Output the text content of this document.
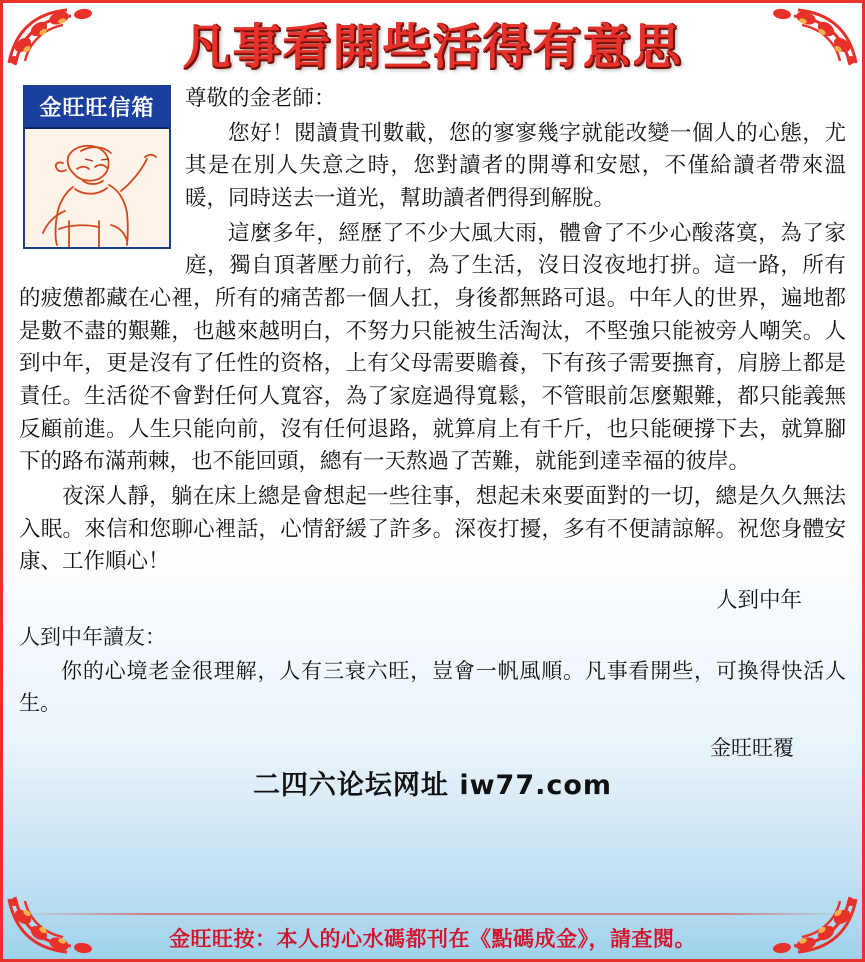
凡事看開些活得有意思
金旺旺信箱	尊敬的金老師：

您好！閱讀貴刊數載，您的寥寥幾字就能改變一個人的心態，尤其是在別人失意之時，您對讀者的開導和安慰，不僅給讀者帶來溫暖，同時送去一道光，幫助讀者們得到解脫。

這麼多年，經歷了不少大風大雨，體會了不少心酸落寞，為了家庭，獨自頂著壓力前行，為了生活，沒日沒夜地打拼。這一路，所有的疲憊都藏在心裡，所有的痛苦都一個人扛，身後都無路可退。中年人的世界，遍地都是數不盡的艱難，也越來越明白，不努力只能被生活淘汰，不堅強只能被旁人嘲笑。人到中年，更是沒有了任性的资格，上有父母需要贍養，下有孩子需要撫育，肩膀上都是責任。生活從不會對任何人寬容，為了家庭過得寬鬆，不管眼前怎麼艱難，都只能義無反顧前進。人生只能向前，沒有任何退路，就算肩上有千斤，也只能硬撐下去，就算腳下的路布滿荊棘，也不能回頭，總有一天熬過了苦難，就能到達幸福的彼岸。

夜深人靜，躺在床上總是會想起一些往事，想起未來要面對的一切，總是久久無法入眠。來信和您聊心裡話，心情舒緩了許多。深夜打擾，多有不便請諒解。祝您身體安康、工作順心！

人到中年

人到中年讀友：

你的心境老金很理解，人有三衰六旺，豈會一帆風順。凡事看開些，可換得快活人生。

金旺旺覆

二四六论坛网址 iw77.com
金旺旺按：本人的心水碼都刊在《點碼成金》，請查閱。
